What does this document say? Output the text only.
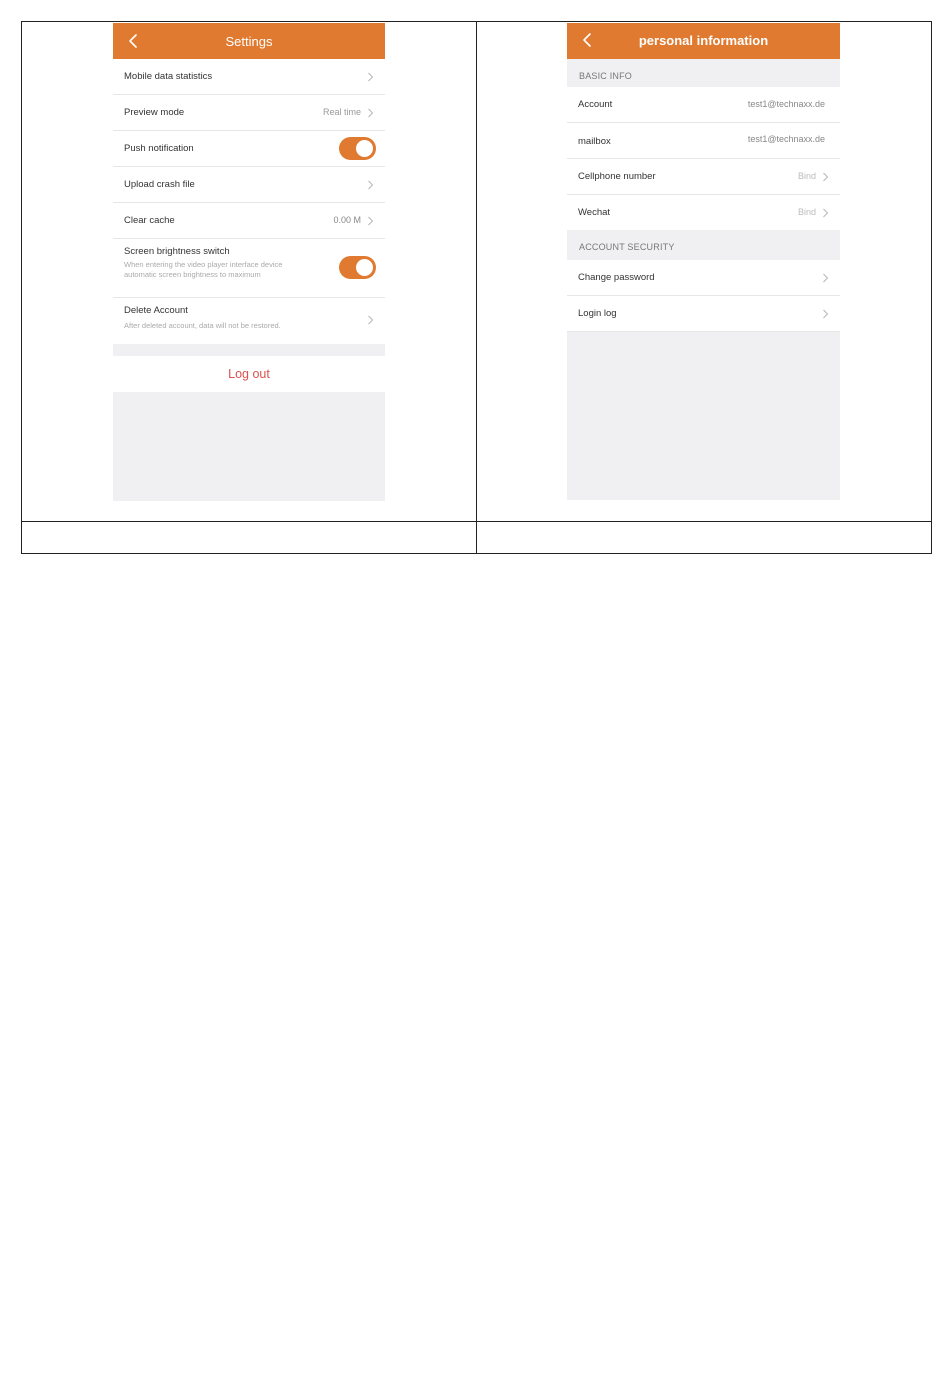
Settings
Mobile data statistics
Preview mode	Real time
Push notification
Upload crash file
Clear cache	0.00 M
Screen brightness switch
When entering the video player interface device automatic screen brightness to maximum
Delete Account
After deleted account, data will not be restored.
Log out
personal information
BASIC INFO
Account	test1@technaxx.de
mailbox	test1@technaxx.de
Cellphone number	Bind
Wechat	Bind
ACCOUNT SECURITY
Change password
Login log
